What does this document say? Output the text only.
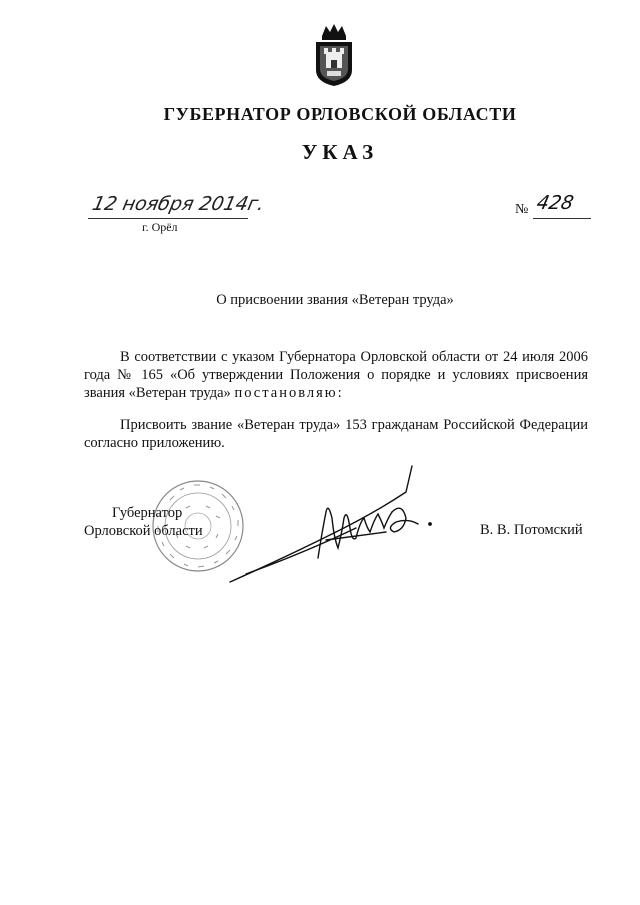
ГУБЕРНАТОР ОРЛОВСКОЙ ОБЛАСТИ
УКАЗ
12 ноября 2014г.
г. Орёл
№ 428
О присвоении звания «Ветеран труда»
В соответствии с указом Губернатора Орловской области от 24 июля 2006 года № 165 «Об утверждении Положения о порядке и условиях присвоения звания «Ветеран труда» постановляю:
Присвоить звание «Ветеран труда» 153 гражданам Российской Федерации согласно приложению.
Губернатор
Орловской области	В. В. Потомский
